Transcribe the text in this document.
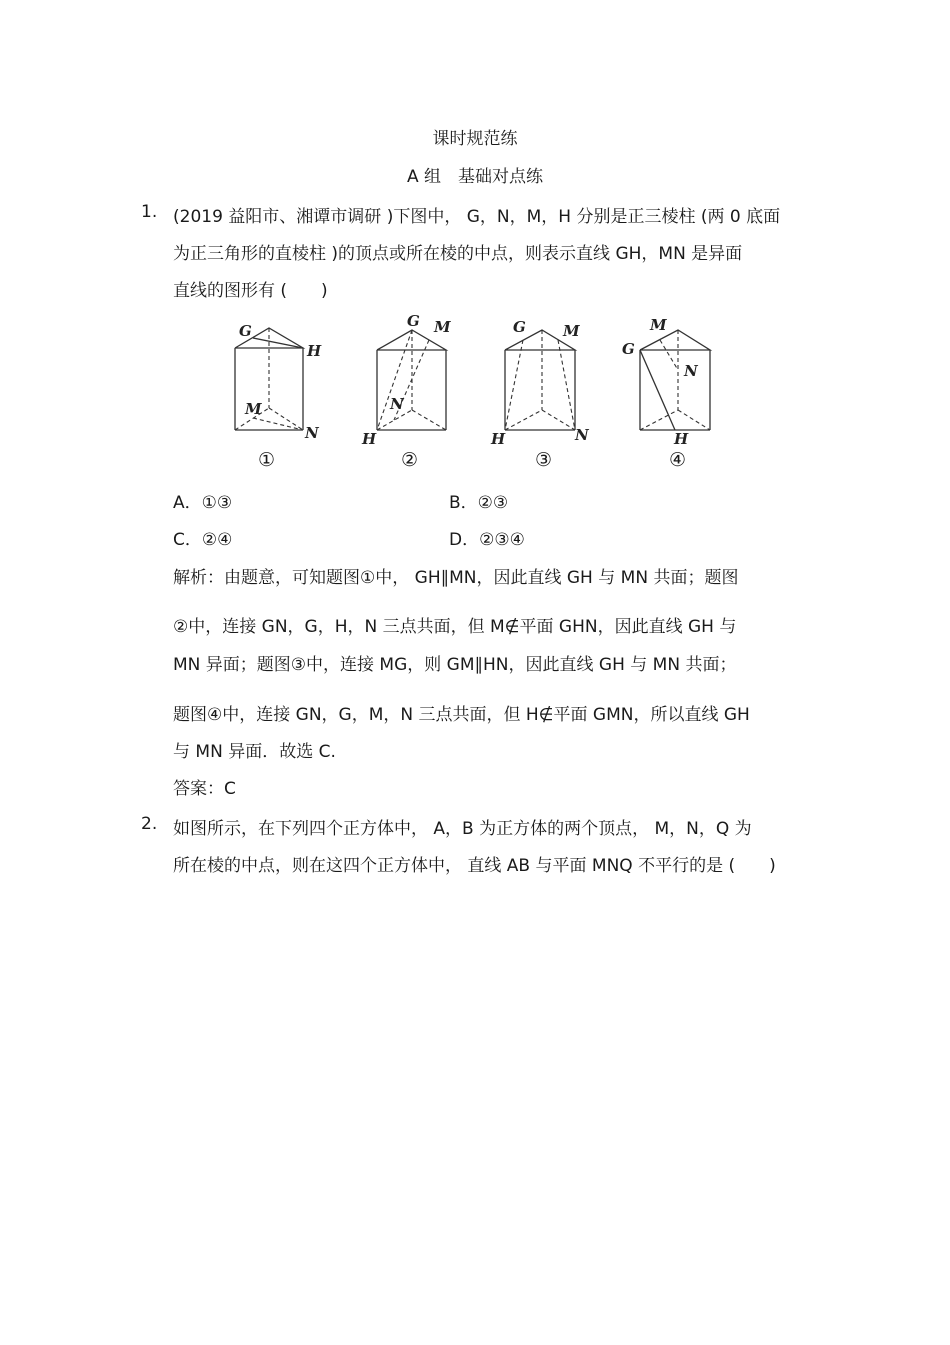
课时规范练
A 组　基础对点练
1. (2019 益阳市、湘谭市调研 )下图中， G，N，M，H 分别是正三棱柱 (两 0 底面
为正三角形的直棱柱 )的顶点或所在棱的中点，则表示直线 GH，MN 是异面
直线的图形有 (　　)
G
H
M
N
①
G M
N
H
②
G M
H	N
③
M
G
N
H
④
A．①③	B．②③
C．②④	D．②③④
解析：由题意，可知题图①中， GH∥MN，因此直线 GH 与 MN 共面；题图
②中，连接 GN，G，H，N 三点共面，但 M∉平面 GHN，因此直线 GH 与
MN 异面；题图③中，连接 MG，则 GM∥HN，因此直线 GH 与 MN 共面；
题图④中，连接 GN，G，M，N 三点共面，但 H∉平面 GMN，所以直线 GH
与 MN 异面．故选 C.
答案：C
2. 如图所示，在下列四个正方体中， A，B 为正方体的两个顶点， M，N，Q 为
所在棱的中点，则在这四个正方体中， 直线 AB 与平面 MNQ 不平行的是 (　　)
